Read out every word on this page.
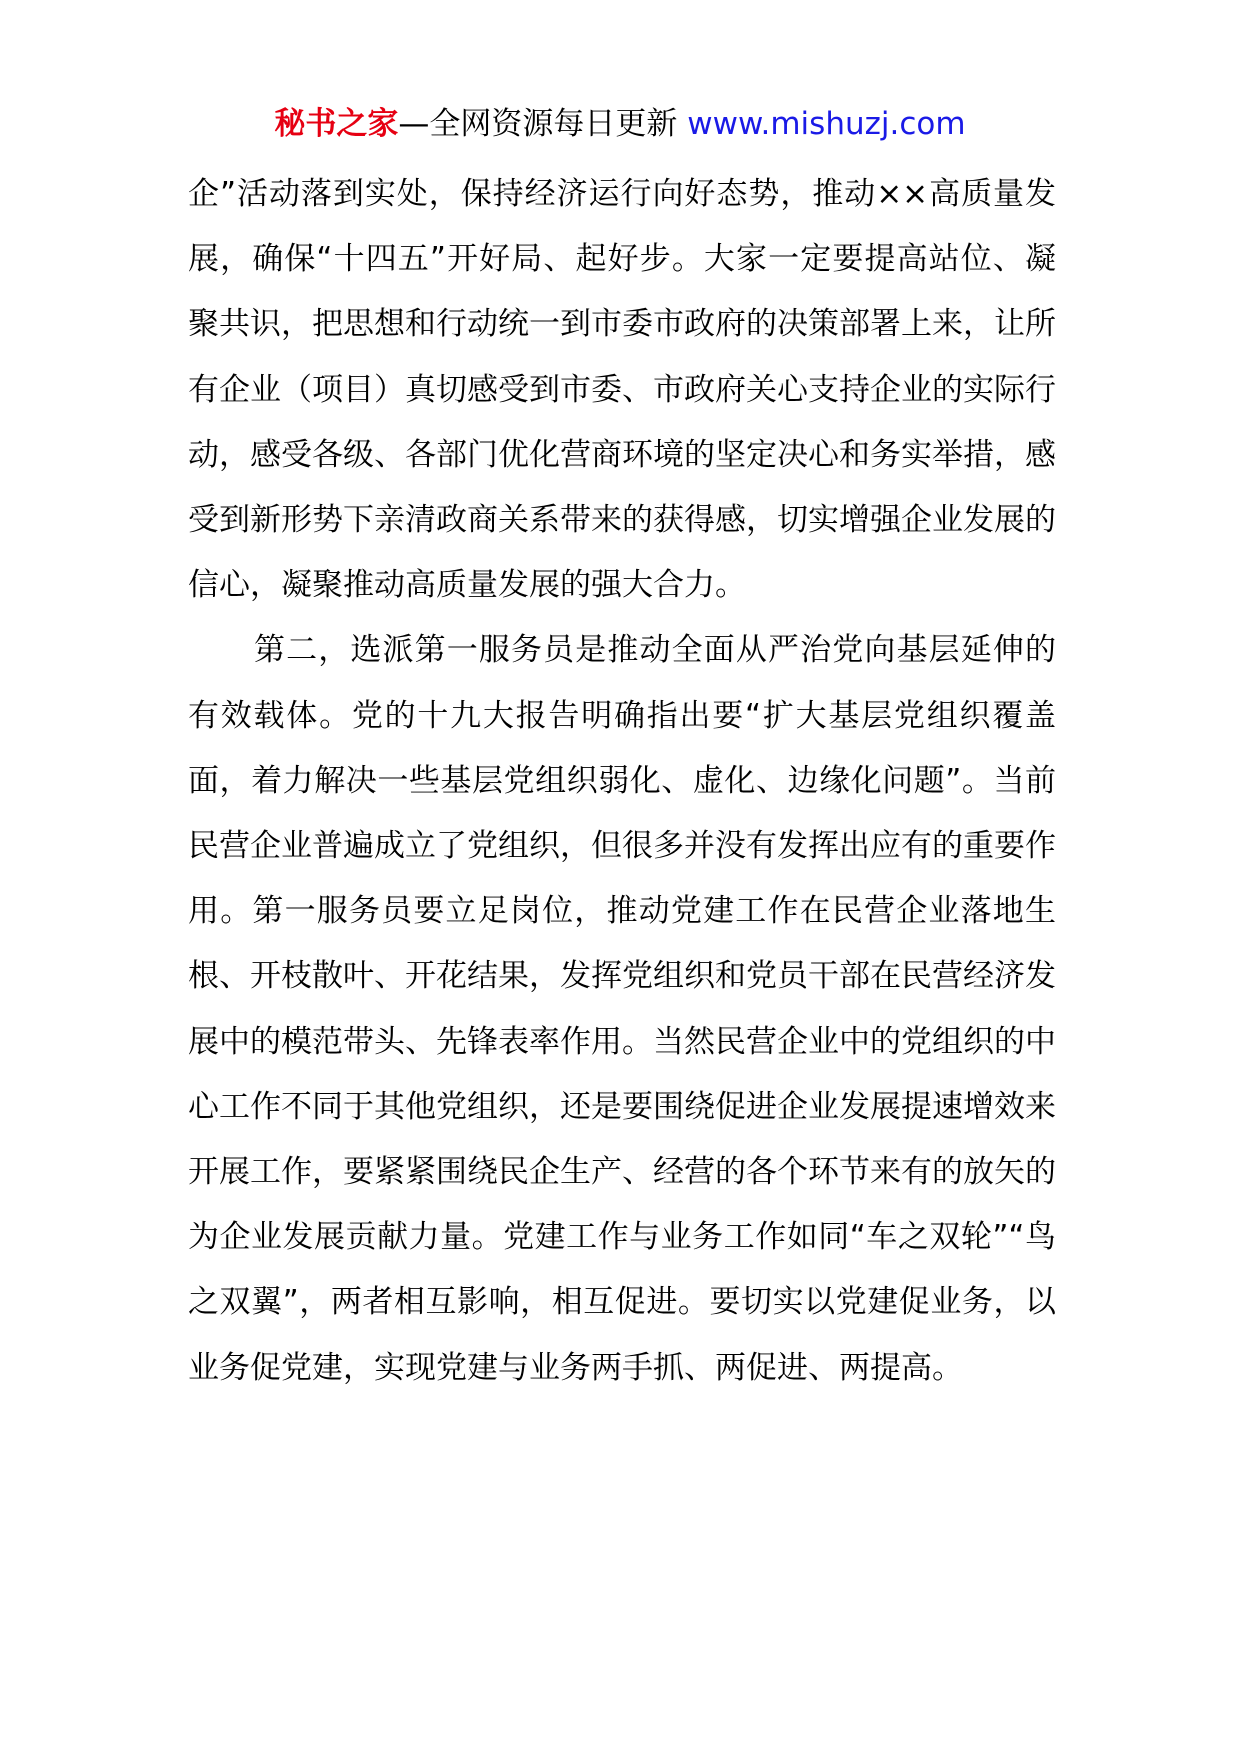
秘书之家—全网资源每日更新 www.mishuzj.com

企”活动落到实处，保持经济运行向好态势，推动××高质量发展，确保“十四五”开好局、起好步。大家一定要提高站位、凝聚共识，把思想和行动统一到市委市政府的决策部署上来，让所有企业（项目）真切感受到市委、市政府关心支持企业的实际行动，感受各级、各部门优化营商环境的坚定决心和务实举措，感受到新形势下亲清政商关系带来的获得感，切实增强企业发展的信心，凝聚推动高质量发展的强大合力。

第二，选派第一服务员是推动全面从严治党向基层延伸的有效载体。党的十九大报告明确指出要“扩大基层党组织覆盖面，着力解决一些基层党组织弱化、虚化、边缘化问题”。当前民营企业普遍成立了党组织，但很多并没有发挥出应有的重要作用。第一服务员要立足岗位，推动党建工作在民营企业落地生根、开枝散叶、开花结果，发挥党组织和党员干部在民营经济发展中的模范带头、先锋表率作用。当然民营企业中的党组织的中心工作不同于其他党组织，还是要围绕促进企业发展提速增效来开展工作，要紧紧围绕民企生产、经营的各个环节来有的放矢的为企业发展贡献力量。党建工作与业务工作如同“车之双轮”“鸟之双翼”，两者相互影响，相互促进。要切实以党建促业务，以业务促党建，实现党建与业务两手抓、两促进、两提高。
